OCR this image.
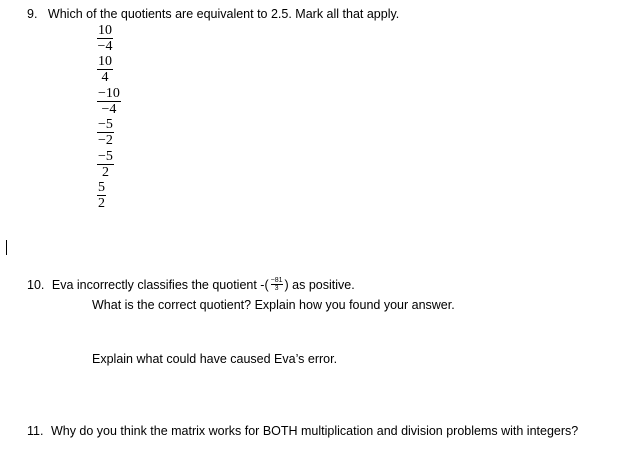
9. Which of the quotients are equivalent to 2.5. Mark all that apply.
$\frac{10}{-4}$
$\frac{10}{4}$
$\frac{-10}{-4}$
$\frac{-5}{-2}$
$\frac{-5}{2}$
$\frac{5}{2}$
10. Eva incorrectly classifies the quotient -( $\frac{-81}{3}$ ) as positive.
What is the correct quotient? Explain how you found your answer.
Explain what could have caused Eva’s error.
11. Why do you think the matrix works for BOTH multiplication and division problems with integers?
